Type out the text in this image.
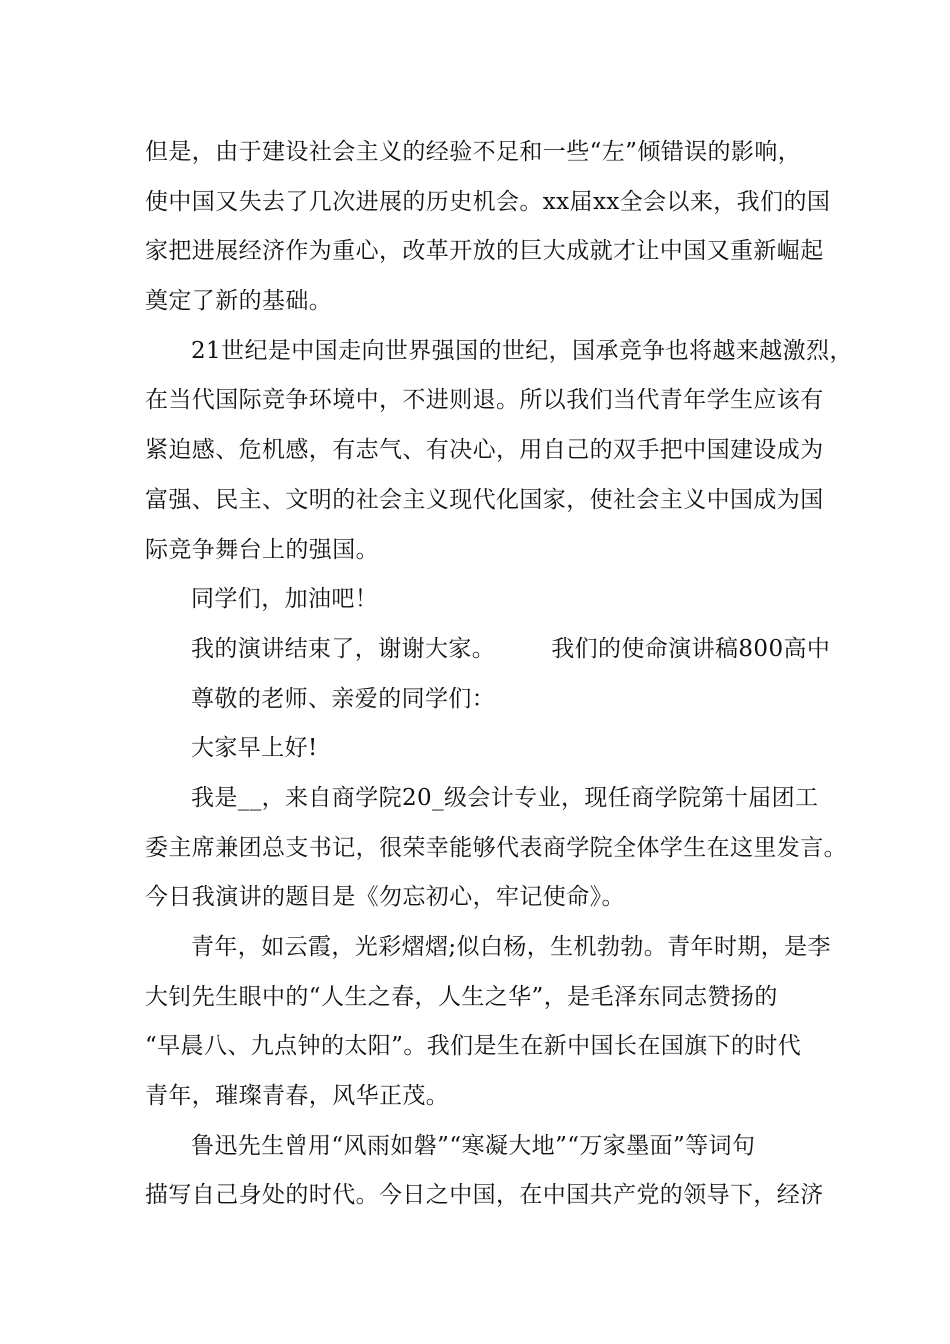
但是，由于建设社会主义的经验不足和一些“左”倾错误的影响，
使中国又失去了几次进展的历史机会。xx届xx全会以来，我们的国
家把进展经济作为重心，改革开放的巨大成就才让中国又重新崛起
奠定了新的基础。
21世纪是中国走向世界强国的世纪，国承竞争也将越来越激烈，
在当代国际竞争环境中，不进则退。所以我们当代青年学生应该有
紧迫感、危机感，有志气、有决心，用自己的双手把中国建设成为
富强、民主、文明的社会主义现代化国家，使社会主义中国成为国
际竞争舞台上的强国。
同学们，加油吧！
我的演讲结束了，谢谢大家。 我们的使命演讲稿800高中
尊敬的老师、亲爱的同学们：
大家早上好!
我是__，来自商学院20_级会计专业，现任商学院第十届团工
委主席兼团总支书记，很荣幸能够代表商学院全体学生在这里发言。
今日我演讲的题目是《勿忘初心，牢记使命》。
青年，如云霞，光彩熠熠;似白杨，生机勃勃。青年时期，是李
大钊先生眼中的“人生之春，人生之华”，是毛泽东同志赞扬的
“早晨八、九点钟的太阳”。我们是生在新中国长在国旗下的时代
青年，璀璨青春，风华正茂。
鲁迅先生曾用“风雨如磐”“寒凝大地”“万家墨面”等词句
描写自己身处的时代。今日之中国，在中国共产党的领导下，经济
